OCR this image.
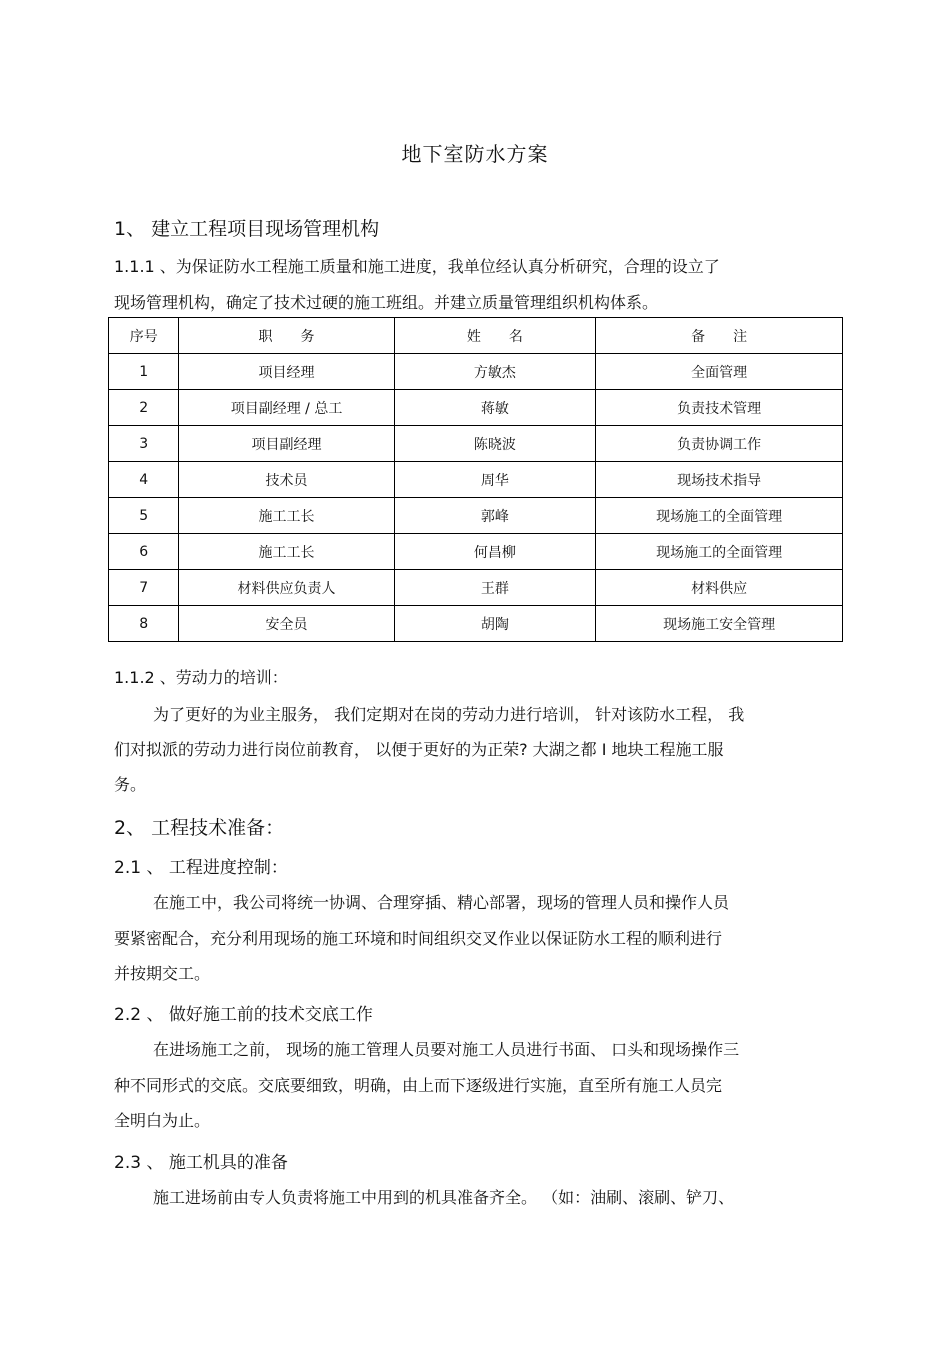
地下室防水方案
1、 建立工程项目现场管理机构
1.1.1 、为保证防水工程施工质量和施工进度，我单位经认真分析研究，合理的设立了
现场管理机构，确定了技术过硬的施工班组。并建立质量管理组织机构体系。
序号	职务	姓名	备注
1	项目经理	方敏杰	全面管理
2	项目副经理 / 总工	蒋敏	负责技术管理
3	项目副经理	陈晓波	负责协调工作
4	技术员	周华	现场技术指导
5	施工工长	郭峰	现场施工的全面管理
6	施工工长	何昌柳	现场施工的全面管理
7	材料供应负责人	王群	材料供应
8	安全员	胡陶	现场施工安全管理
1.1.2 、劳动力的培训：
为了更好的为业主服务， 我们定期对在岗的劳动力进行培训， 针对该防水工程， 我
们对拟派的劳动力进行岗位前教育， 以便于更好的为正荣? 大湖之都 I 地块工程施工服
务。
2、 工程技术准备：
2.1 、 工程进度控制：
在施工中，我公司将统一协调、合理穿插、精心部署，现场的管理人员和操作人员
要紧密配合，充分利用现场的施工环境和时间组织交叉作业以保证防水工程的顺利进行
并按期交工。
2.2 、 做好施工前的技术交底工作
在进场施工之前， 现场的施工管理人员要对施工人员进行书面、 口头和现场操作三
种不同形式的交底。交底要细致，明确，由上而下逐级进行实施，直至所有施工人员完
全明白为止。
2.3 、 施工机具的准备
施工进场前由专人负责将施工中用到的机具准备齐全。 （如：油刷、滚刷、铲刀、
